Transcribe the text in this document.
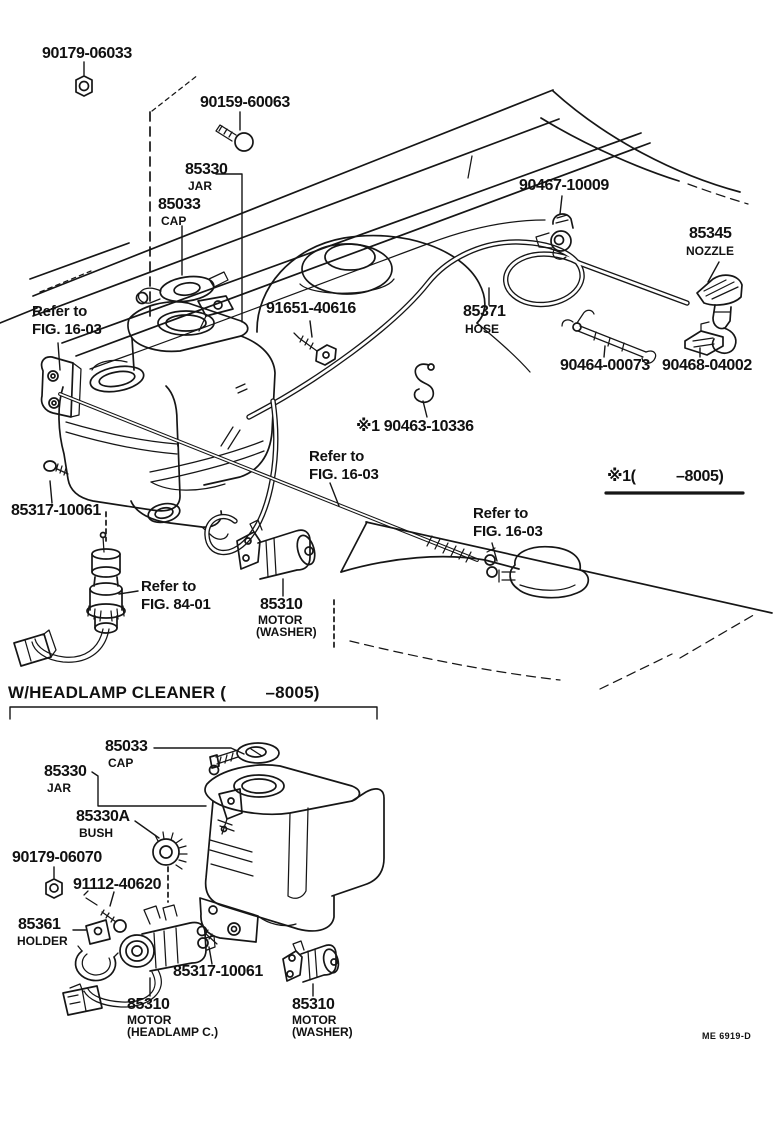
90179-06033
90159-60063
85330
JAR
85033
CAP
90467-10009
85345
NOZZLE
91651-40616	85371
HOSE
90464-00073 90468-04002
Refer to
FIG. 16-03
※1 90463-10336
Refer to
FIG. 16-03	※1(          –8005)
85317-10061
Refer to
FIG. 84-01	85310
MOTOR
(WASHER)
Refer to
FIG. 16-03
W/HEADLAMP CLEANER (        –8005)
85033
CAP
85330
JAR
85330A
BUSH
90179-06070
91112-40620
85361
HOLDER
85317-10061
85310
MOTOR
(HEADLAMP C.)
85310
MOTOR
(WASHER)	ME 6919-D
